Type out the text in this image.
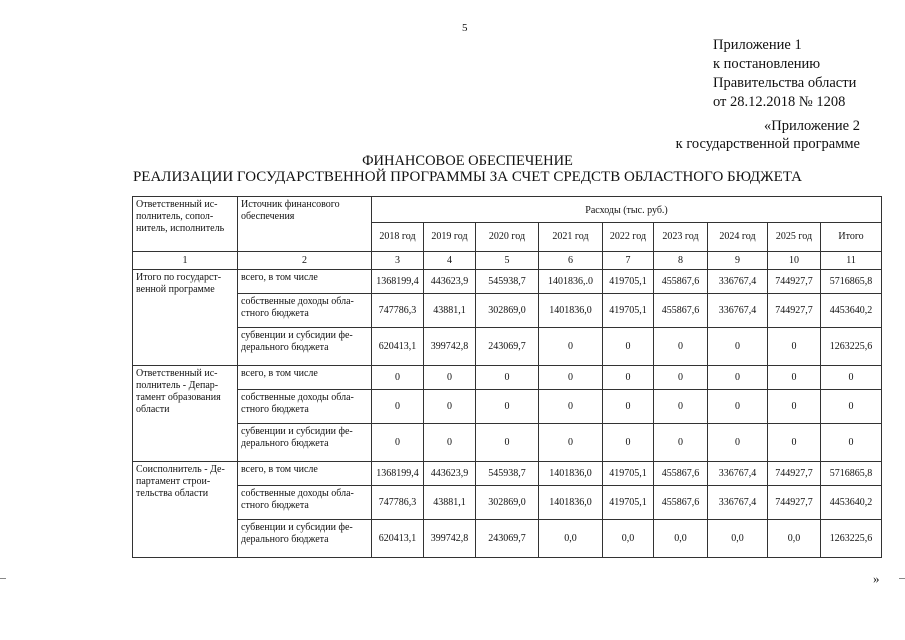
5
Приложение 1
к постановлению
Правительства области
от 28.12.2018 № 1208
«Приложение 2
к государственной программе
ФИНАНСОВОЕ ОБЕСПЕЧЕНИЕ
РЕАЛИЗАЦИИ ГОСУДАРСТВЕННОЙ ПРОГРАММЫ ЗА СЧЕТ СРЕДСТВ ОБЛАСТНОГО БЮДЖЕТА
Ответственный ис-полнитель, сопол-нитель, исполнитель	Источник финансового обеспечения	Расходы (тыс. руб.)								
		2018 год	2019 год	2020 год	2021 год	2022 год	2023 год	2024 год	2025 год	Итого
1	2	3	4	5	6	7	8	9	10	11
Итого по государст-венной программе	всего, в том числе	1368199,4	443623,9	545938,7	1401836,.0	419705,1	455867,6	336767,4	744927,7	5716865,8
	собственные доходы обла-стного бюджета	747786,3	43881,1	302869,0	1401836,0	419705,1	455867,6	336767,4	744927,7	4453640,2
	субвенции и субсидии фе-дерального бюджета	620413,1	399742,8	243069,7	0	0	0	0	0	1263225,6
Ответственный ис-полнитель - Депар-тамент образования области	всего, в том числе	0	0	0	0	0	0	0	0	0
	собственные доходы обла-стного бюджета	0	0	0	0	0	0	0	0	0
	субвенции и субсидии фе-дерального бюджета	0	0	0	0	0	0	0	0	0
Соисполнитель - Де-партамент строи-тельства области	всего, в том числе	1368199,4	443623,9	545938,7	1401836,0	419705,1	455867,6	336767,4	744927,7	5716865,8
	собственные доходы обла-стного бюджета	747786,3	43881,1	302869,0	1401836,0	419705,1	455867,6	336767,4	744927,7	4453640,2
	субвенции и субсидии фе-дерального бюджета	620413,1	399742,8	243069,7	0,0	0,0	0,0	0,0	0,0	1263225,6
»
